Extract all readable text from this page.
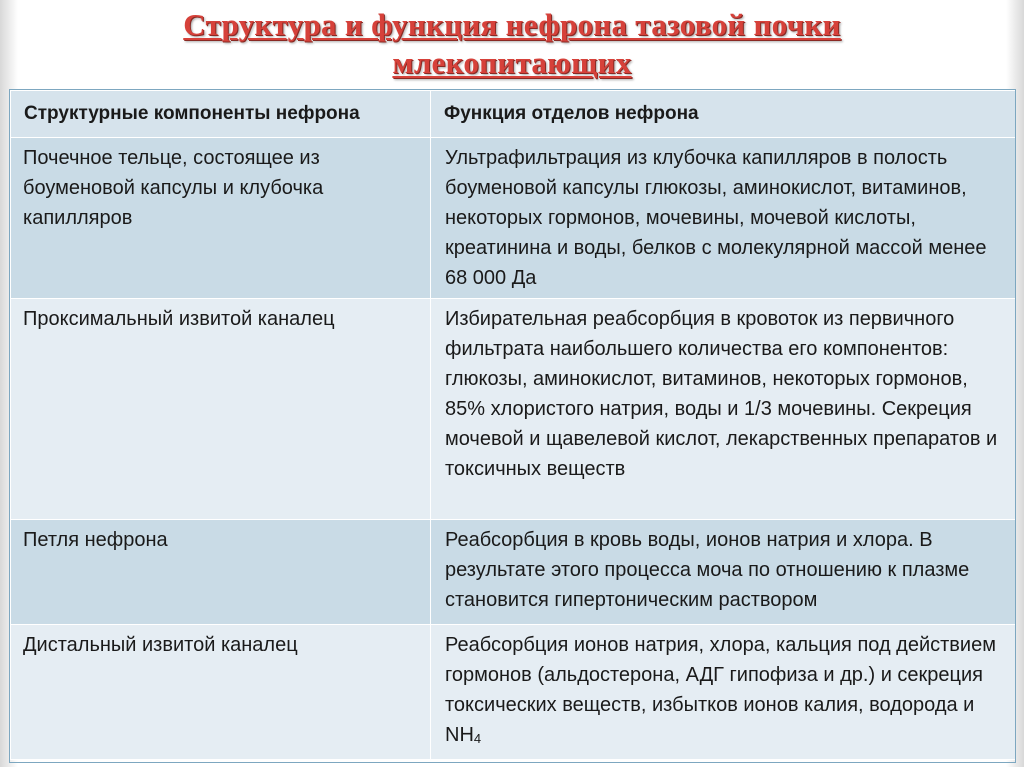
Структура и функция нефрона тазовой почки
млекопитающих
Структурные компоненты нефрона	Функция отделов нефрона
Почечное тельце, состоящее из боуменовой капсулы и клубочка капилляров	Ультрафильтрация из клубочка капилляров в полость боуменовой капсулы глюкозы, аминокислот, витаминов, некоторых гормонов, мочевины, мочевой кислоты, креатинина и воды, белков с молекулярной массой менее 68 000 Да
Проксимальный извитой каналец	Избирательная реабсорбция в кровоток из первичного фильтрата наибольшего количества его компонентов: глюкозы, аминокислот, витаминов, некоторых гормонов, 85% хлористого натрия, воды и 1/3 мочевины. Секреция мочевой и щавелевой кислот, лекарственных препаратов и токсичных веществ
Петля нефрона	Реабсорбция в кровь воды, ионов натрия и хлора. В результате этого процесса моча по отношению к плазме становится гипертоническим раствором
Дистальный извитой каналец	Реабсорбция ионов натрия, хлора, кальция под действием гормонов (альдостерона, АДГ гипофиза и др.) и секреция токсических веществ, избытков ионов калия, водорода и $NH_4$
